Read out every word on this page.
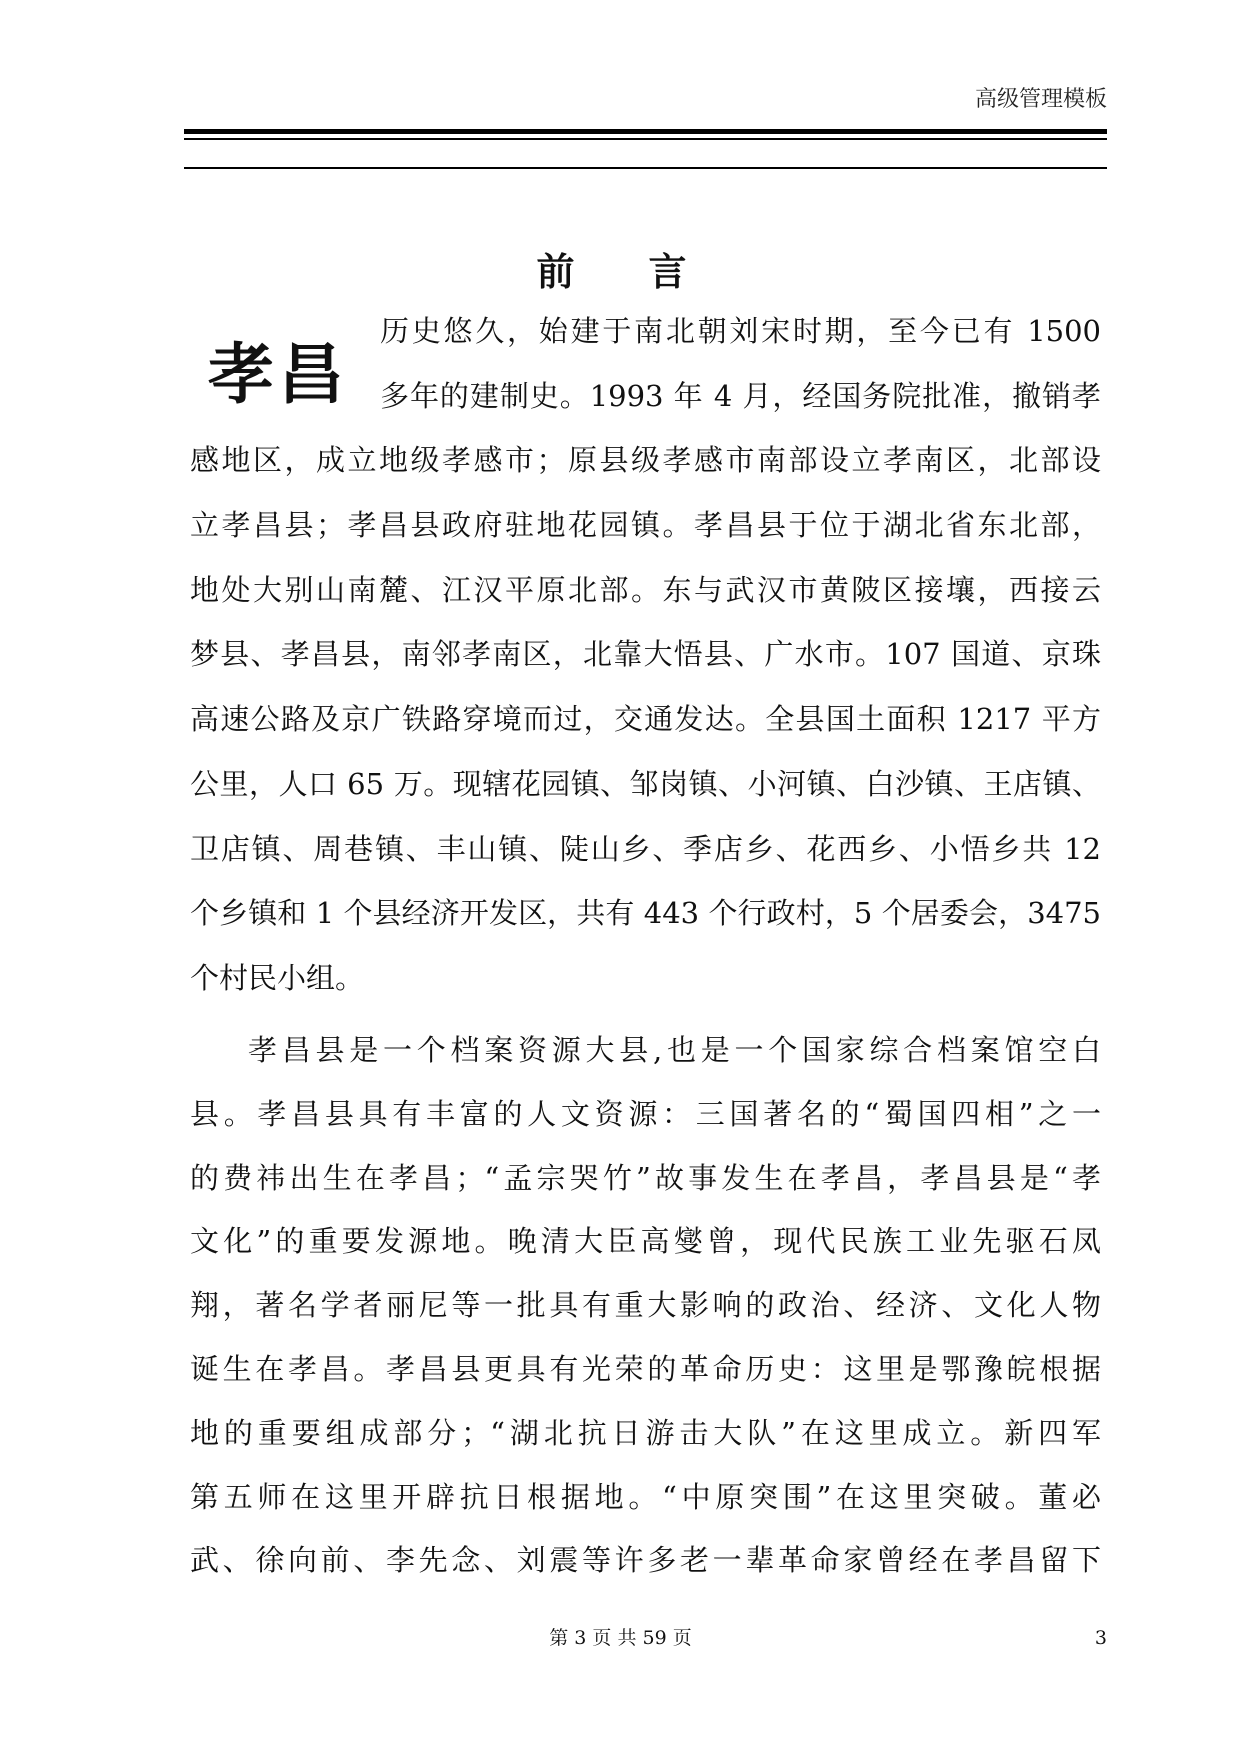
高级管理模板
前　言
孝昌
历史悠久，始建于南北朝刘宋时期，至今已有 1500
多年的建制史。1993 年 4 月，经国务院批准，撤销孝
感地区，成立地级孝感市；原县级孝感市南部设立孝南区，北部设
立孝昌县；孝昌县政府驻地花园镇。孝昌县于位于湖北省东北部，
地处大别山南麓、江汉平原北部。东与武汉市黄陂区接壤，西接云
梦县、孝昌县，南邻孝南区，北靠大悟县、广水市。107 国道、京珠
高速公路及京广铁路穿境而过，交通发达。全县国土面积 1217 平方
公里，人口 65 万。现辖花园镇、邹岗镇、小河镇、白沙镇、王店镇、
卫店镇、周巷镇、丰山镇、陡山乡、季店乡、花西乡、小悟乡共 12
个乡镇和 1 个县经济开发区，共有 443 个行政村，5 个居委会，3475
个村民小组。
孝昌县是一个档案资源大县,也是一个国家综合档案馆空白
县。孝昌县具有丰富的人文资源：三国著名的“蜀国四相”之一
的费祎出生在孝昌；“孟宗哭竹”故事发生在孝昌，孝昌县是“孝
文化”的重要发源地。晚清大臣高燮曾，现代民族工业先驱石凤
翔，著名学者丽尼等一批具有重大影响的政治、经济、文化人物
诞生在孝昌。孝昌县更具有光荣的革命历史：这里是鄂豫皖根据
地的重要组成部分；“湖北抗日游击大队”在这里成立。新四军
第五师在这里开辟抗日根据地。“中原突围”在这里突破。董必
武、徐向前、李先念、刘震等许多老一辈革命家曾经在孝昌留下
第 3 页 共 59 页	3
